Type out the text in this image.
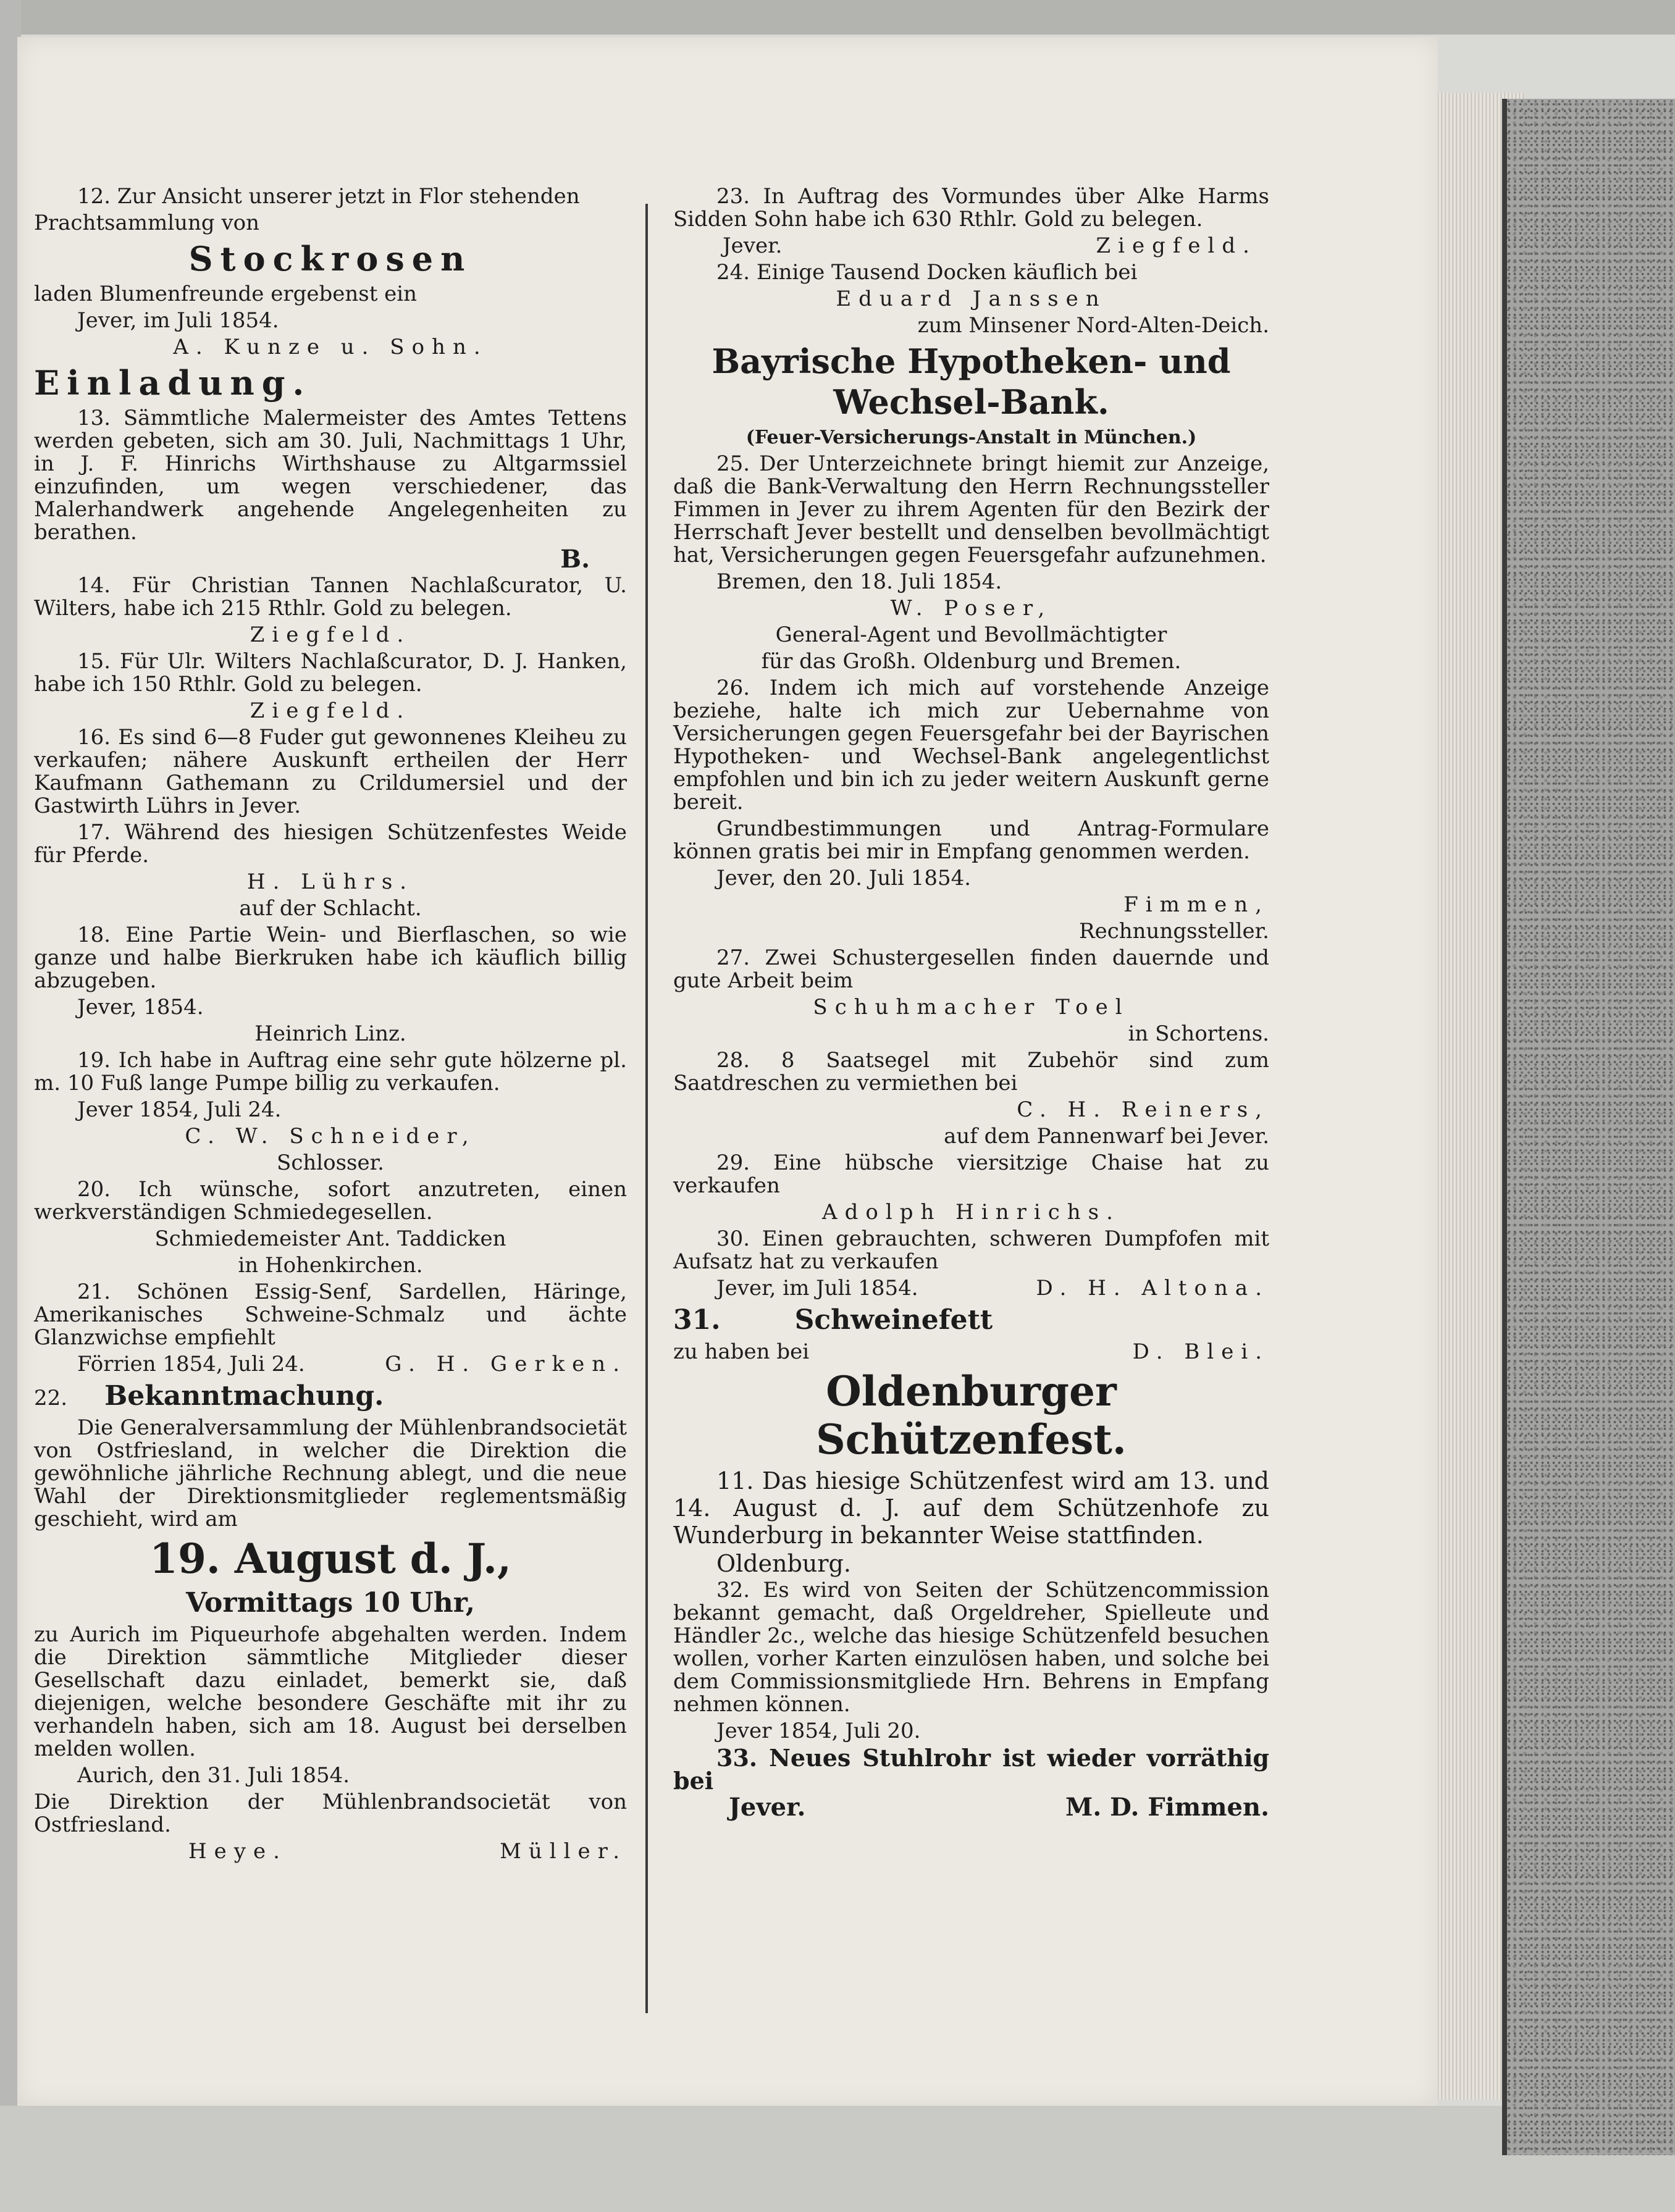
12. Zur Ansicht unserer jetzt in Flor stehenden
Prachtsammlung von
Stockrosen
laden Blumenfreunde ergebenst ein
Jever, im Juli 1854.
A. Kunze u. Sohn.
Einladung.
13. Sämmtliche Malermeister des Amtes Tettens werden gebeten, sich am 30. Juli, Nachmittags 1 Uhr, in J. F. Hinrichs Wirthshause zu Altgarmssiel einzufinden, um wegen verschiedener, das Malerhandwerk angehende Angelegenheiten zu berathen.
B.
14. Für Christian Tannen Nachlaßcurator, U. Wilters, habe ich 215 Rthlr. Gold zu belegen.
Ziegfeld.
15. Für Ulr. Wilters Nachlaßcurator, D. J. Hanken, habe ich 150 Rthlr. Gold zu belegen.
Ziegfeld.
16. Es sind 6—8 Fuder gut gewonnenes Kleiheu zu verkaufen; nähere Auskunft ertheilen der Herr Kaufmann Gathemann zu Crildumersiel und der Gastwirth Lührs in Jever.
17. Während des hiesigen Schützenfestes Weide für Pferde.
H. Lührs.
auf der Schlacht.
18. Eine Partie Wein- und Bierflaschen, so wie ganze und halbe Bierkruken habe ich käuflich billig abzugeben.
Jever, 1854.
Heinrich Linz.
19. Ich habe in Auftrag eine sehr gute hölzerne pl. m. 10 Fuß lange Pumpe billig zu verkaufen.
Jever 1854, Juli 24.
C. W. Schneider,
Schlosser.
20. Ich wünsche, sofort anzutreten, einen werkverständigen Schmiedegesellen.
Schmiedemeister Ant. Taddicken
in Hohenkirchen.
21. Schönen Essig-Senf, Sardellen, Häringe, Amerikanisches Schweine-Schmalz und ächte Glanzwichse empfiehlt
Förrien 1854, Juli 24.	G. H. Gerken.
22. Bekanntmachung.
Die Generalversammlung der Mühlenbrandsocietät von Ostfriesland, in welcher die Direktion die gewöhnliche jährliche Rechnung ablegt, und die neue Wahl der Direktionsmitglieder reglementsmäßig geschieht, wird am
19. August d. J.,
Vormittags 10 Uhr,
zu Aurich im Piqueurhofe abgehalten werden. Indem die Direktion sämmtliche Mitglieder dieser Gesellschaft dazu einladet, bemerkt sie, daß diejenigen, welche besondere Geschäfte mit ihr zu verhandeln haben, sich am 18. August bei derselben melden wollen.
Aurich, den 31. Juli 1854.
Die Direktion der Mühlenbrandsocietät von Ostfriesland.
Heye.	Müller.
23. In Auftrag des Vormundes über Alke Harms Sidden Sohn habe ich 630 Rthlr. Gold zu belegen.
Jever.	Ziegfeld.
24. Einige Tausend Docken käuflich bei
Eduard Janssen
zum Minsener Nord-Alten-Deich.
Bayrische Hypotheken- und Wechsel-Bank.
(Feuer-Versicherungs-Anstalt in München.)
25. Der Unterzeichnete bringt hiemit zur Anzeige, daß die Bank-Verwaltung den Herrn Rechnungssteller Fimmen in Jever zu ihrem Agenten für den Bezirk der Herrschaft Jever bestellt und denselben bevollmächtigt hat, Versicherungen gegen Feuersgefahr aufzunehmen.
Bremen, den 18. Juli 1854.
W. Poser,
General-Agent und Bevollmächtigter
für das Großh. Oldenburg und Bremen.
26. Indem ich mich auf vorstehende Anzeige beziehe, halte ich mich zur Uebernahme von Versicherungen gegen Feuersgefahr bei der Bayrischen Hypotheken- und Wechsel-Bank angelegentlichst empfohlen und bin ich zu jeder weitern Auskunft gerne bereit.
Grundbestimmungen und Antrag-Formulare können gratis bei mir in Empfang genommen werden.
Jever, den 20. Juli 1854.
Fimmen,
Rechnungssteller.
27. Zwei Schustergesellen finden dauernde und gute Arbeit beim
Schuhmacher Toel
in Schortens.
28. 8 Saatsegel mit Zubehör sind zum Saatdreschen zu vermiethen bei
C. H. Reiners,
auf dem Pannenwarf bei Jever.
29. Eine hübsche viersitzige Chaise hat zu verkaufen
Adolph Hinrichs.
30. Einen gebrauchten, schweren Dumpfofen mit Aufsatz hat zu verkaufen
Jever, im Juli 1854.	D. H. Altona.
31.	Schweinefett
zu haben bei	D. Blei.
Oldenburger Schützenfest.
11. Das hiesige Schützenfest wird am 13. und 14. August d. J. auf dem Schützenhofe zu Wunderburg in bekannter Weise stattfinden.
Oldenburg.
32. Es wird von Seiten der Schützencommission bekannt gemacht, daß Orgeldreher, Spielleute und Händler 2c., welche das hiesige Schützenfeld besuchen wollen, vorher Karten einzulösen haben, und solche bei dem Commissionsmitgliede Hrn. Behrens in Empfang nehmen können.
Jever 1854, Juli 20.
33. Neues Stuhlrohr ist wieder vorräthig bei
Jever.	M. D. Fimmen.
